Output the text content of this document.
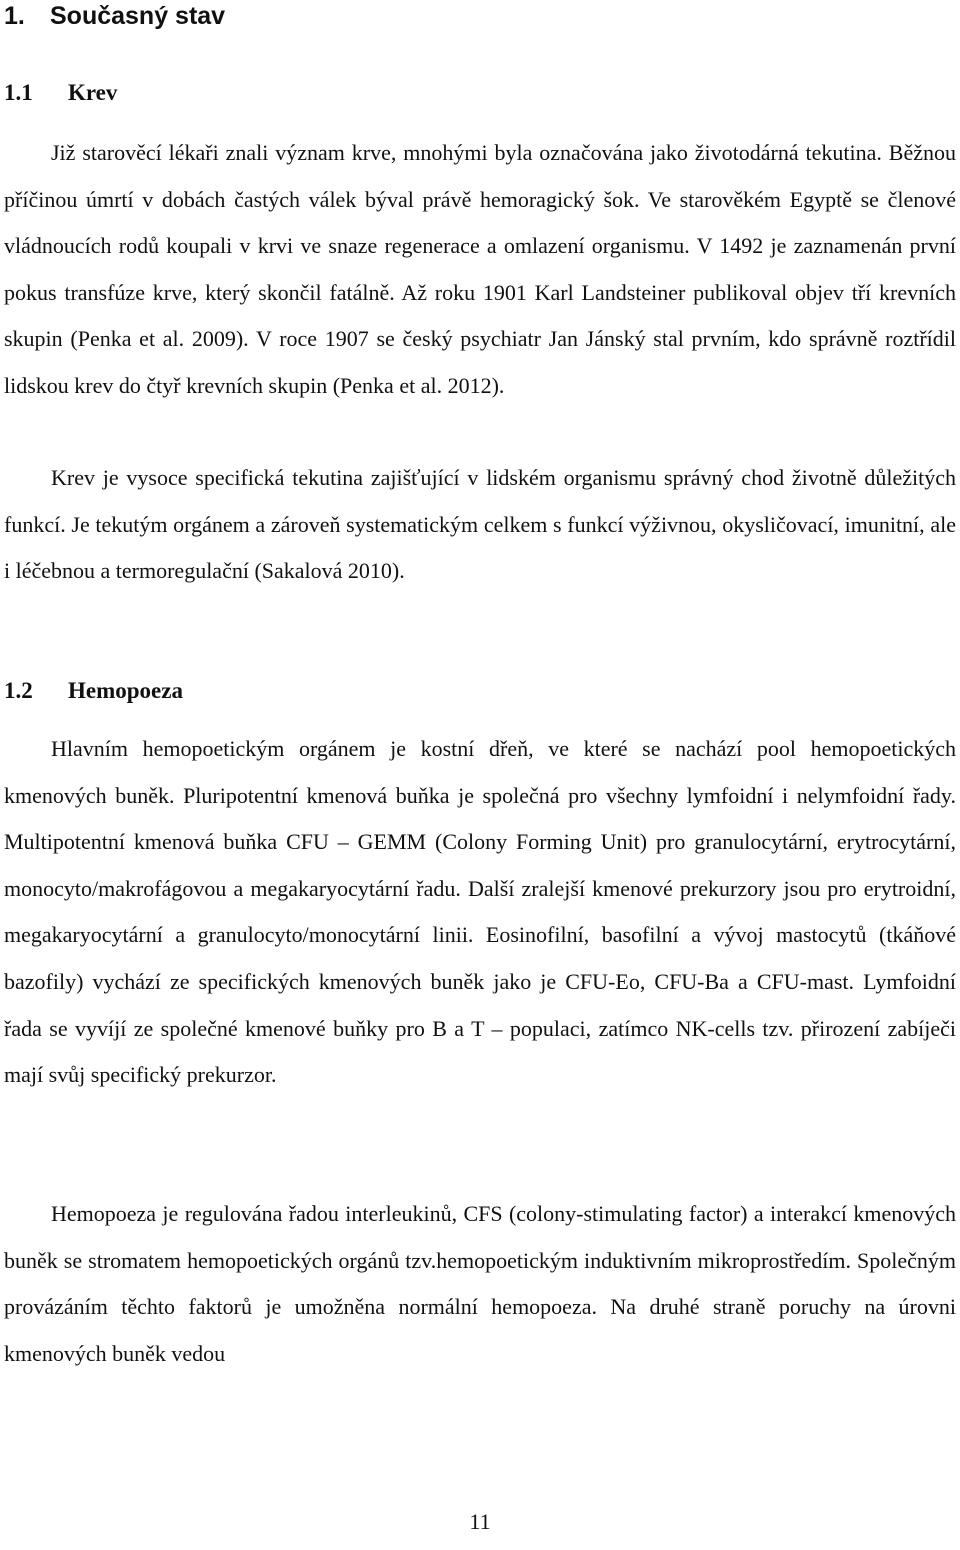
1. Současný stav
1.1 Krev

Již starověcí lékaři znali význam krve, mnohými byla označována jako životodárná tekutina. Běžnou příčinou úmrtí v dobách častých válek býval právě hemoragický šok. Ve starověkém Egyptě se členové vládnoucích rodů koupali v krvi ve snaze regenerace a omlazení organismu. V 1492 je zaznamenán první pokus transfúze krve, který skončil fatálně. Až roku 1901 Karl Landsteiner publikoval objev tří krevních skupin (Penka et al. 2009). V roce 1907 se český psychiatr Jan Jánský stal prvním, kdo správně roztřídil lidskou krev do čtyř krevních skupin (Penka et al. 2012).

Krev je vysoce specifická tekutina zajišťující v lidském organismu správný chod životně důležitých funkcí. Je tekutým orgánem a zároveň systematickým celkem s funkcí výživnou, okysličovací, imunitní, ale i léčebnou a termoregulační (Sakalová 2010).

1.2 Hemopoeza

Hlavním hemopoetickým orgánem je kostní dřeň, ve které se nachází pool hemopoetických kmenových buněk. Pluripotentní kmenová buňka je společná pro všechny lymfoidní i nelymfoidní řady. Multipotentní kmenová buňka CFU – GEMM (Colony Forming Unit) pro granulocytární, erytrocytární, monocyto/makrofágovou a megakaryocytární řadu. Další zralejší kmenové prekurzory jsou pro erytroidní, megakaryocytární a granulocyto/monocytární linii. Eosinofilní, basofilní a vývoj mastocytů (tkáňové bazofily) vychází ze specifických kmenových buněk jako je CFU-Eo, CFU-Ba a CFU-mast. Lymfoidní řada se vyvíjí ze společné kmenové buňky pro B a T – populaci, zatímco NK-cells tzv. přirození zabíječi mají svůj specifický prekurzor.

Hemopoeza je regulována řadou interleukinů, CFS (colony-stimulating factor) a interakcí kmenových buněk se stromatem hemopoetických orgánů tzv.hemopoetickým induktivním mikroprostředím. Společným provázáním těchto faktorů je umožněna normální hemopoeza. Na druhé straně poruchy na úrovni kmenových buněk vedou

11
